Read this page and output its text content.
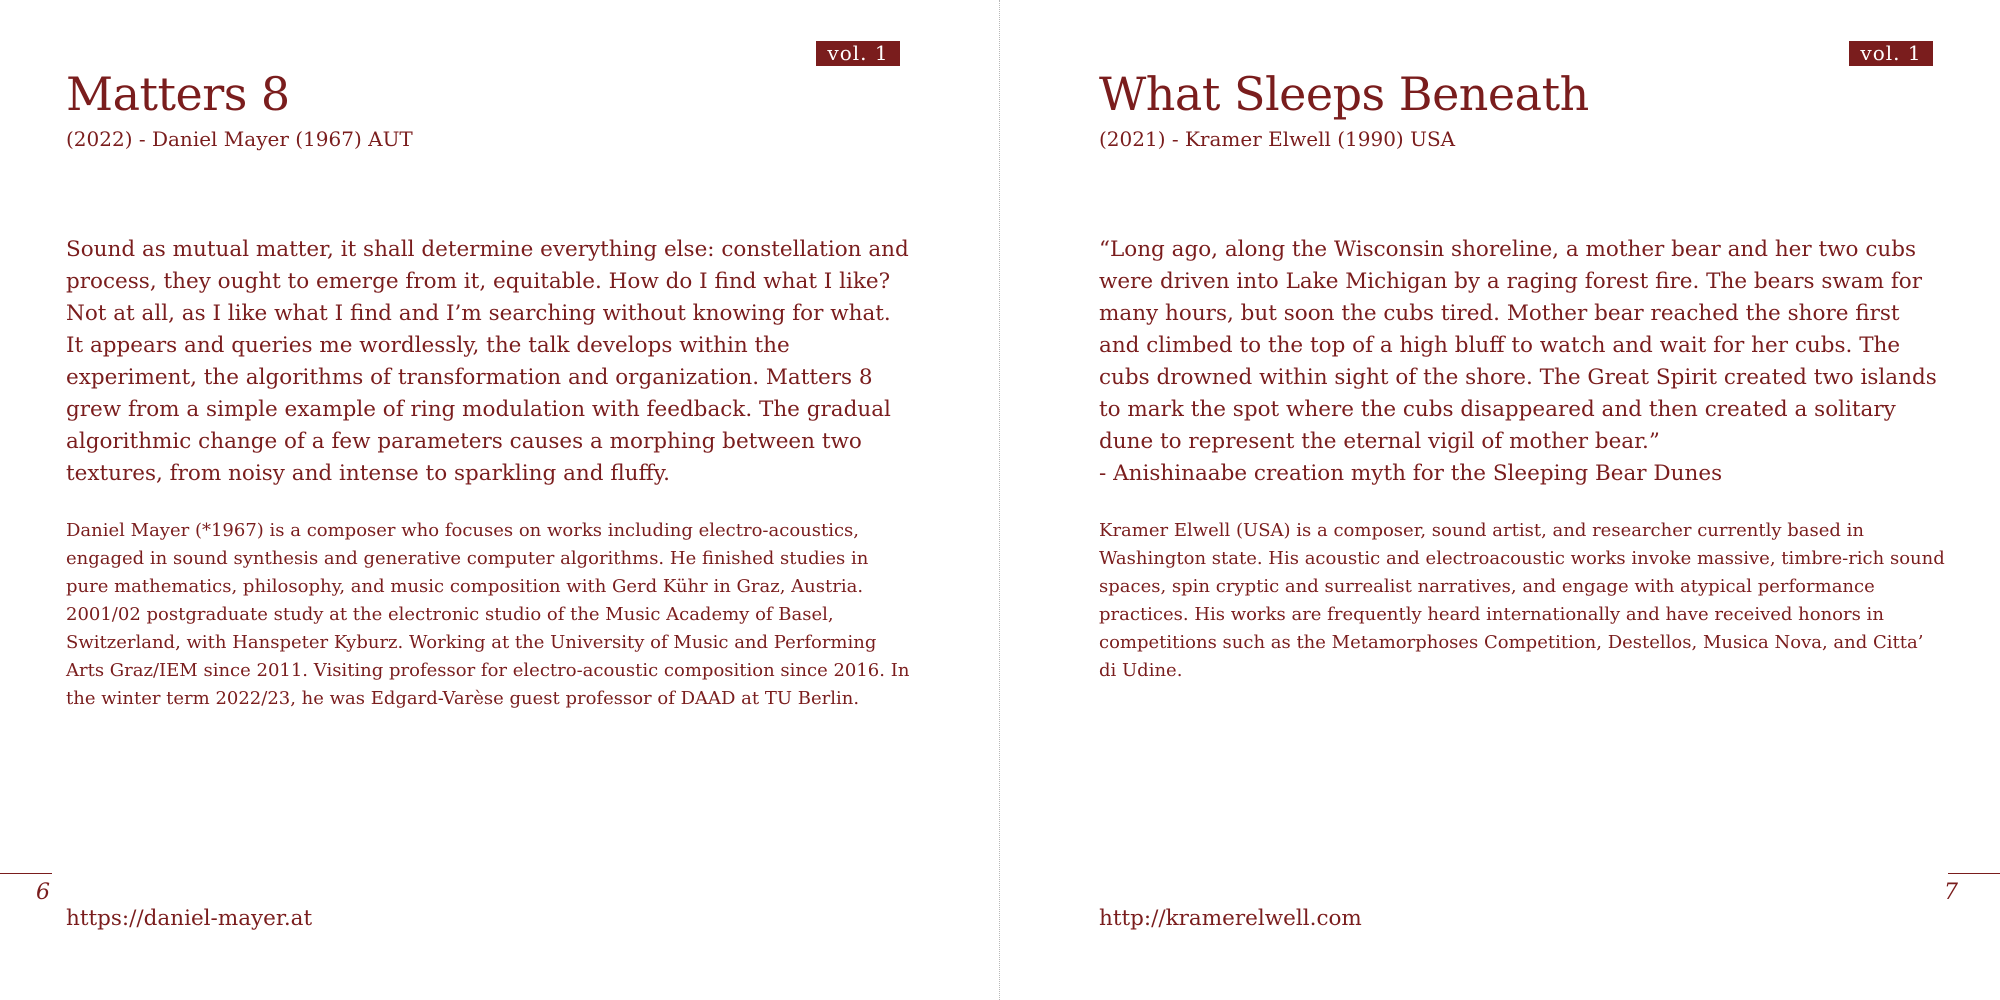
vol. 1
Matters 8

(2022) - Daniel Mayer (1967) AUT

Sound as mutual matter, it shall determine everything else: constellation and process, they ought to emerge from it, equitable. How do I find what I like? Not at all, as I like what I find and I’m searching without knowing for what. It appears and queries me wordlessly, the talk develops within the experiment, the algorithms of transformation and organization. Matters 8 grew from a simple example of ring modulation with feedback. The gradual algorithmic change of a few parameters causes a morphing between two textures, from noisy and intense to sparkling and fluffy.

Daniel Mayer (*1967) is a composer who focuses on works including electro-acoustics, engaged in sound synthesis and generative computer algorithms. He finished studies in pure mathematics, philosophy, and music composition with Gerd Kühr in Graz, Austria. 2001/02 postgraduate study at the electronic studio of the Music Academy of Basel, Switzerland, with Hanspeter Kyburz. Working at the University of Music and Performing Arts Graz/IEM since 2011. Visiting professor for electro-acoustic composition since 2016. In the winter term 2022/23, he was Edgard-Varèse guest professor of DAAD at TU Berlin.

6
https://daniel-mayer.at
vol. 1
What Sleeps Beneath

(2021) - Kramer Elwell (1990) USA

“Long ago, along the Wisconsin shoreline, a mother bear and her two cubs were driven into Lake Michigan by a raging forest fire. The bears swam for many hours, but soon the cubs tired. Mother bear reached the shore first and climbed to the top of a high bluff to watch and wait for her cubs. The cubs drowned within sight of the shore. The Great Spirit created two islands to mark the spot where the cubs disappeared and then created a solitary dune to represent the eternal vigil of mother bear.”
- Anishinaabe creation myth for the Sleeping Bear Dunes

Kramer Elwell (USA) is a composer, sound artist, and researcher currently based in Washington state. His acoustic and electroacoustic works invoke massive, timbre-rich sound spaces, spin cryptic and surrealist narratives, and engage with atypical performance practices. His works are frequently heard internationally and have received honors in competitions such as the Metamorphoses Competition, Destellos, Musica Nova, and Citta’ di Udine.

7
http://kramerelwell.com
